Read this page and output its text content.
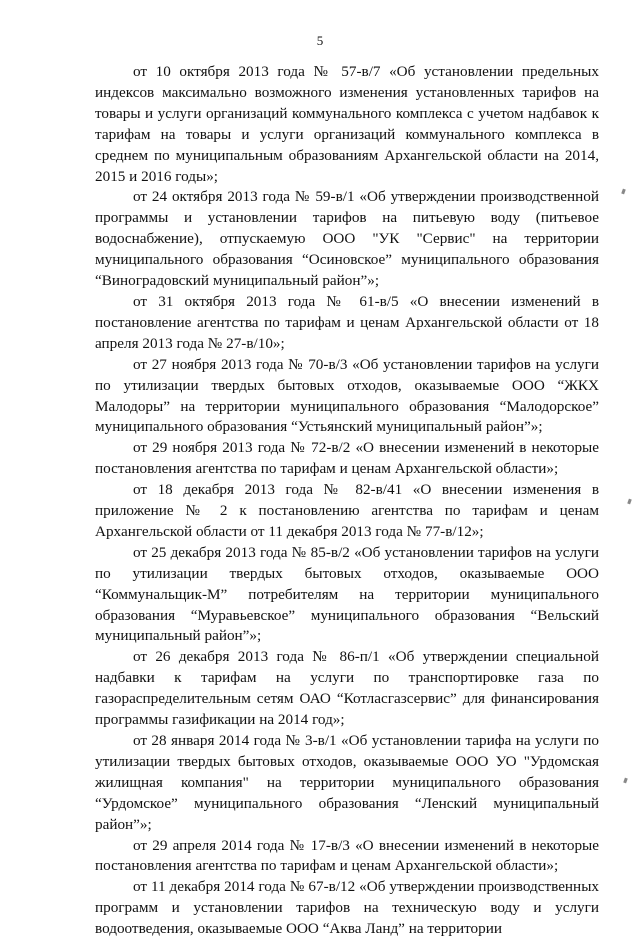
5

от 10 октября 2013 года № 57-в/7 «Об установлении предельных индексов максимально возможного изменения установленных тарифов на товары и услуги организаций коммунального комплекса с учетом надбавок к тарифам на товары и услуги организаций коммунального комплекса в среднем по муниципальным образованиям Архангельской области на 2014, 2015 и 2016 годы»;

от 24 октября 2013 года № 59-в/1 «Об утверждении производственной программы и установлении тарифов на питьевую воду (питьевое водоснабжение), отпускаемую ООО "УК "Сервис" на территории муниципального образования “Осиновское” муниципального образования “Виноградовский муниципальный район”»;

от 31 октября 2013 года № 61-в/5 «О внесении изменений в постановление агентства по тарифам и ценам Архангельской области от 18 апреля 2013 года № 27-в/10»;

от 27 ноября 2013 года № 70-в/3 «Об установлении тарифов на услуги по утилизации твердых бытовых отходов, оказываемые ООО “ЖКХ Малодоры” на территории муниципального образования “Малодорское” муниципального образования “Устьянский муниципальный район”»;

от 29 ноября 2013 года № 72-в/2 «О внесении изменений в некоторые постановления агентства по тарифам и ценам Архангельской области»;

от 18 декабря 2013 года № 82-в/41 «О внесении изменения в приложение № 2 к постановлению агентства по тарифам и ценам Архангельской области от 11 декабря 2013 года № 77-в/12»;

от 25 декабря 2013 года № 85-в/2 «Об установлении тарифов на услуги по утилизации твердых бытовых отходов, оказываемые ООО “Коммунальщик-М” потребителям на территории муниципального образования “Муравьевское” муниципального образования “Вельский муниципальный район”»;

от 26 декабря 2013 года № 86-п/1 «Об утверждении специальной надбавки к тарифам на услуги по транспортировке газа по газораспределительным сетям ОАО “Котласгазсервис” для финансирования программы газификации на 2014 год»;

от 28 января 2014 года № 3-в/1 «Об установлении тарифа на услуги по утилизации твердых бытовых отходов, оказываемые ООО УО "Урдомская жилищная компания" на территории муниципального образования “Урдомское” муниципального образования “Ленский муниципальный район”»;

от 29 апреля 2014 года № 17-в/3 «О внесении изменений в некоторые постановления агентства по тарифам и ценам Архангельской области»;

от 11 декабря 2014 года № 67-в/12 «Об утверждении производственных программ и установлении тарифов на техническую воду и услуги водоотведения, оказываемые ООО “Аква Ланд” на территории
